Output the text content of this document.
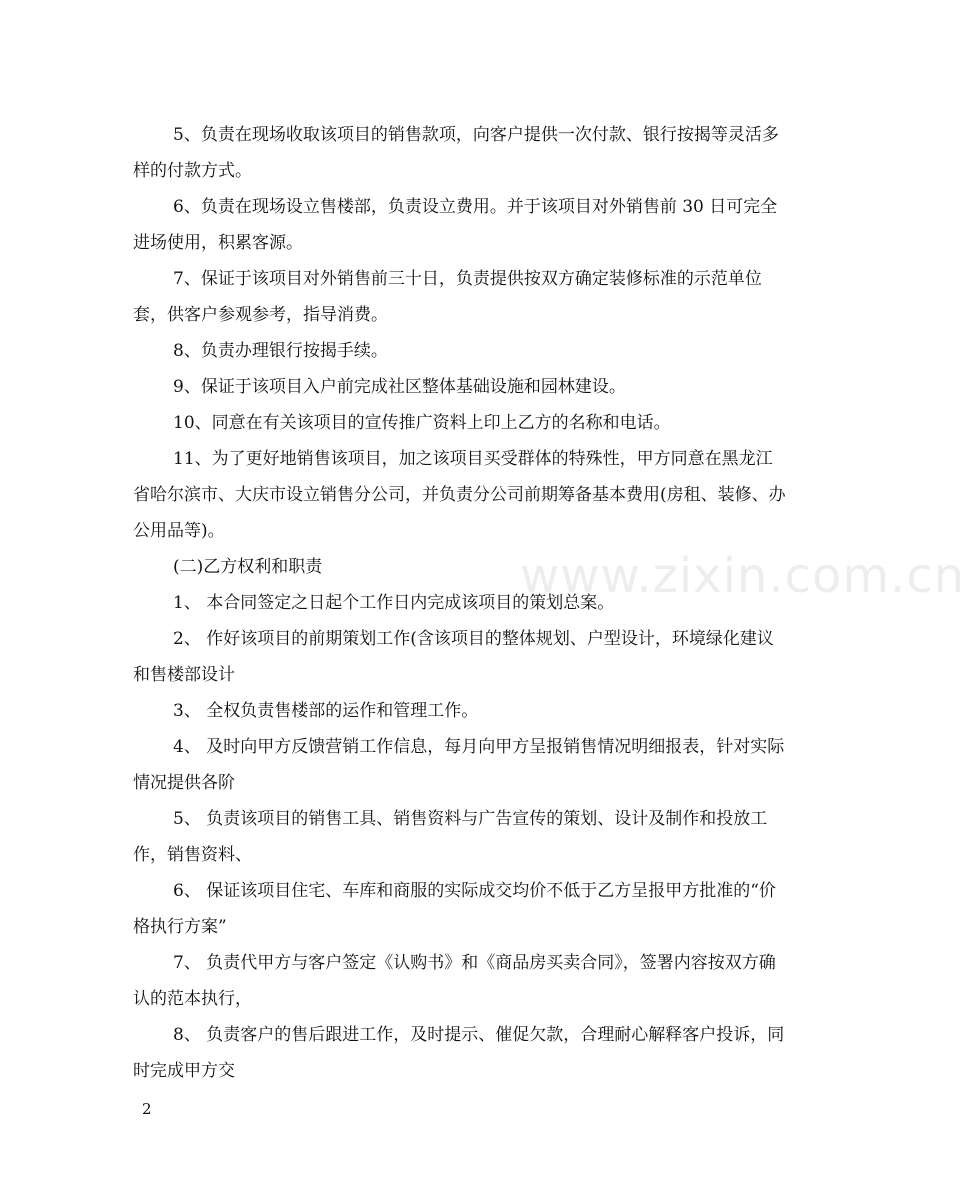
5、负责在现场收取该项目的销售款项，向客户提供一次付款、银行按揭等灵活多样的付款方式。

6、负责在现场设立售楼部，负责设立费用。并于该项目对外销售前 30 日可完全进场使用，积累客源。

7、保证于该项目对外销售前三十日，负责提供按双方确定装修标准的示范单位 套，供客户参观参考，指导消费。

8、负责办理银行按揭手续。

9、保证于该项目入户前完成社区整体基础设施和园林建设。

10、同意在有关该项目的宣传推广资料上印上乙方的名称和电话。

11、为了更好地销售该项目，加之该项目买受群体的特殊性，甲方同意在黑龙江省哈尔滨市、大庆市设立销售分公司，并负责分公司前期筹备基本费用(房租、装修、办公用品等)。

(二)乙方权利和职责

1、 本合同签定之日起个工作日内完成该项目的策划总案。

2、 作好该项目的前期策划工作(含该项目的整体规划、户型设计，环境绿化建议和售楼部设计

3、 全权负责售楼部的运作和管理工作。

4、 及时向甲方反馈营销工作信息，每月向甲方呈报销售情况明细报表，针对实际情况提供各阶

5、 负责该项目的销售工具、销售资料与广告宣传的策划、设计及制作和投放工作，销售资料、

6、 保证该项目住宅、车库和商服的实际成交均价不低于乙方呈报甲方批准的“价格执行方案”

7、 负责代甲方与客户签定《认购书》和《商品房买卖合同》，签署内容按双方确认的范本执行，

8、 负责客户的售后跟进工作，及时提示、催促欠款，合理耐心解释客户投诉，同时完成甲方交

www.zixin.com.cn
2
